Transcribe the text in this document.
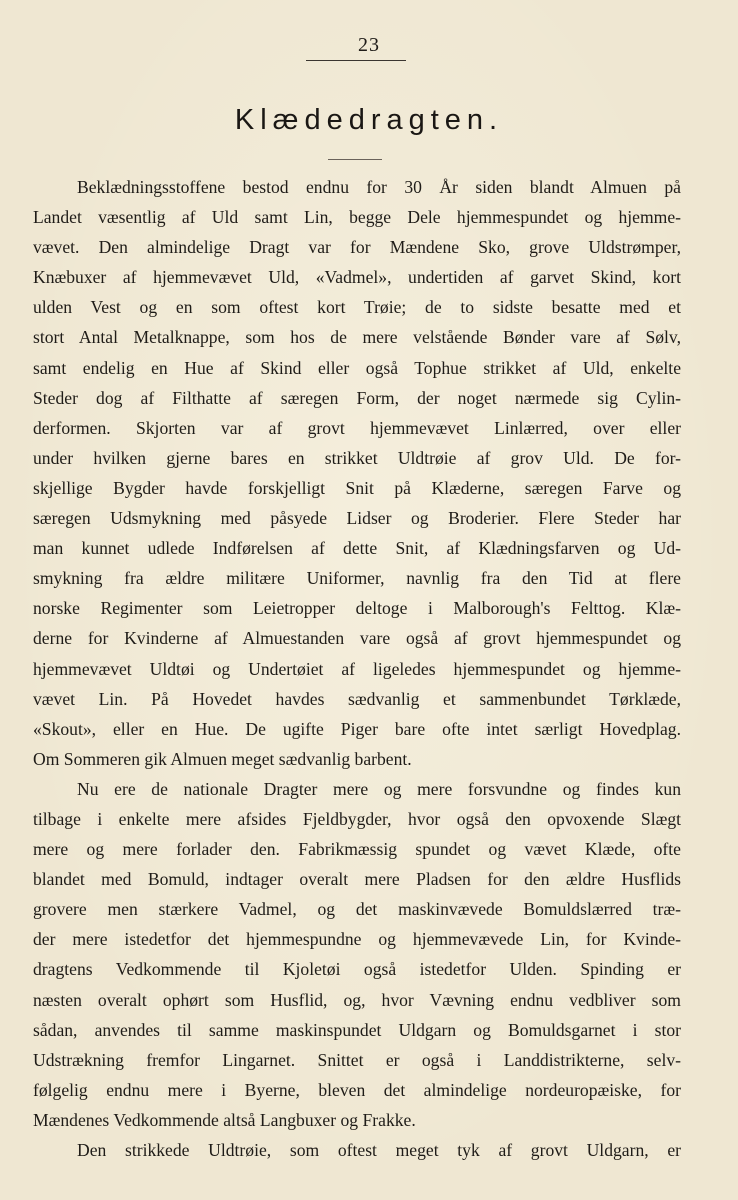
23
Klædedragten.
Beklædningsstoffene bestod endnu for 30 År siden blandt Almuen på
Landet væsentlig af Uld samt Lin, begge Dele hjemmespundet og hjemme-
vævet. Den almindelige Dragt var for Mændene Sko, grove Uldstrømper,
Knæbuxer af hjemmevævet Uld, «Vadmel», undertiden af garvet Skind, kort
ulden Vest og en som oftest kort Trøie; de to sidste besatte med et
stort Antal Metalknappe, som hos de mere velstående Bønder vare af Sølv,
samt endelig en Hue af Skind eller også Tophue strikket af Uld, enkelte
Steder dog af Filthatte af særegen Form, der noget nærmede sig Cylin-
derformen. Skjorten var af grovt hjemmevævet Linlærred, over eller
under hvilken gjerne bares en strikket Uldtrøie af grov Uld. De for-
skjellige Bygder havde forskjelligt Snit på Klæderne, særegen Farve og
særegen Udsmykning med påsyede Lidser og Broderier. Flere Steder har
man kunnet udlede Indførelsen af dette Snit, af Klædningsfarven og Ud-
smykning fra ældre militære Uniformer, navnlig fra den Tid at flere
norske Regimenter som Leietropper deltoge i Malborough's Felttog. Klæ-
derne for Kvinderne af Almuestanden vare også af grovt hjemmespundet og
hjemmevævet Uldtøi og Undertøiet af ligeledes hjemmespundet og hjemme-
vævet Lin. På Hovedet havdes sædvanlig et sammenbundet Tørklæde,
«Skout», eller en Hue. De ugifte Piger bare ofte intet særligt Hovedplag.
Om Sommeren gik Almuen meget sædvanlig barbent.
Nu ere de nationale Dragter mere og mere forsvundne og findes kun
tilbage i enkelte mere afsides Fjeldbygder, hvor også den opvoxende Slægt
mere og mere forlader den. Fabrikmæssig spundet og vævet Klæde, ofte
blandet med Bomuld, indtager overalt mere Pladsen for den ældre Husflids
grovere men stærkere Vadmel, og det maskinvævede Bomuldslærred træ-
der mere istedetfor det hjemmespundne og hjemmevævede Lin, for Kvinde-
dragtens Vedkommende til Kjoletøi også istedetfor Ulden. Spinding er
næsten overalt ophørt som Husflid, og, hvor Vævning endnu vedbliver som
sådan, anvendes til samme maskinspundet Uldgarn og Bomuldsgarnet i stor
Udstrækning fremfor Lingarnet. Snittet er også i Landdistrikterne, selv-
følgelig endnu mere i Byerne, bleven det almindelige nordeuropæiske, for
Mændenes Vedkommende altså Langbuxer og Frakke.
Den strikkede Uldtrøie, som oftest meget tyk af grovt Uldgarn, er
